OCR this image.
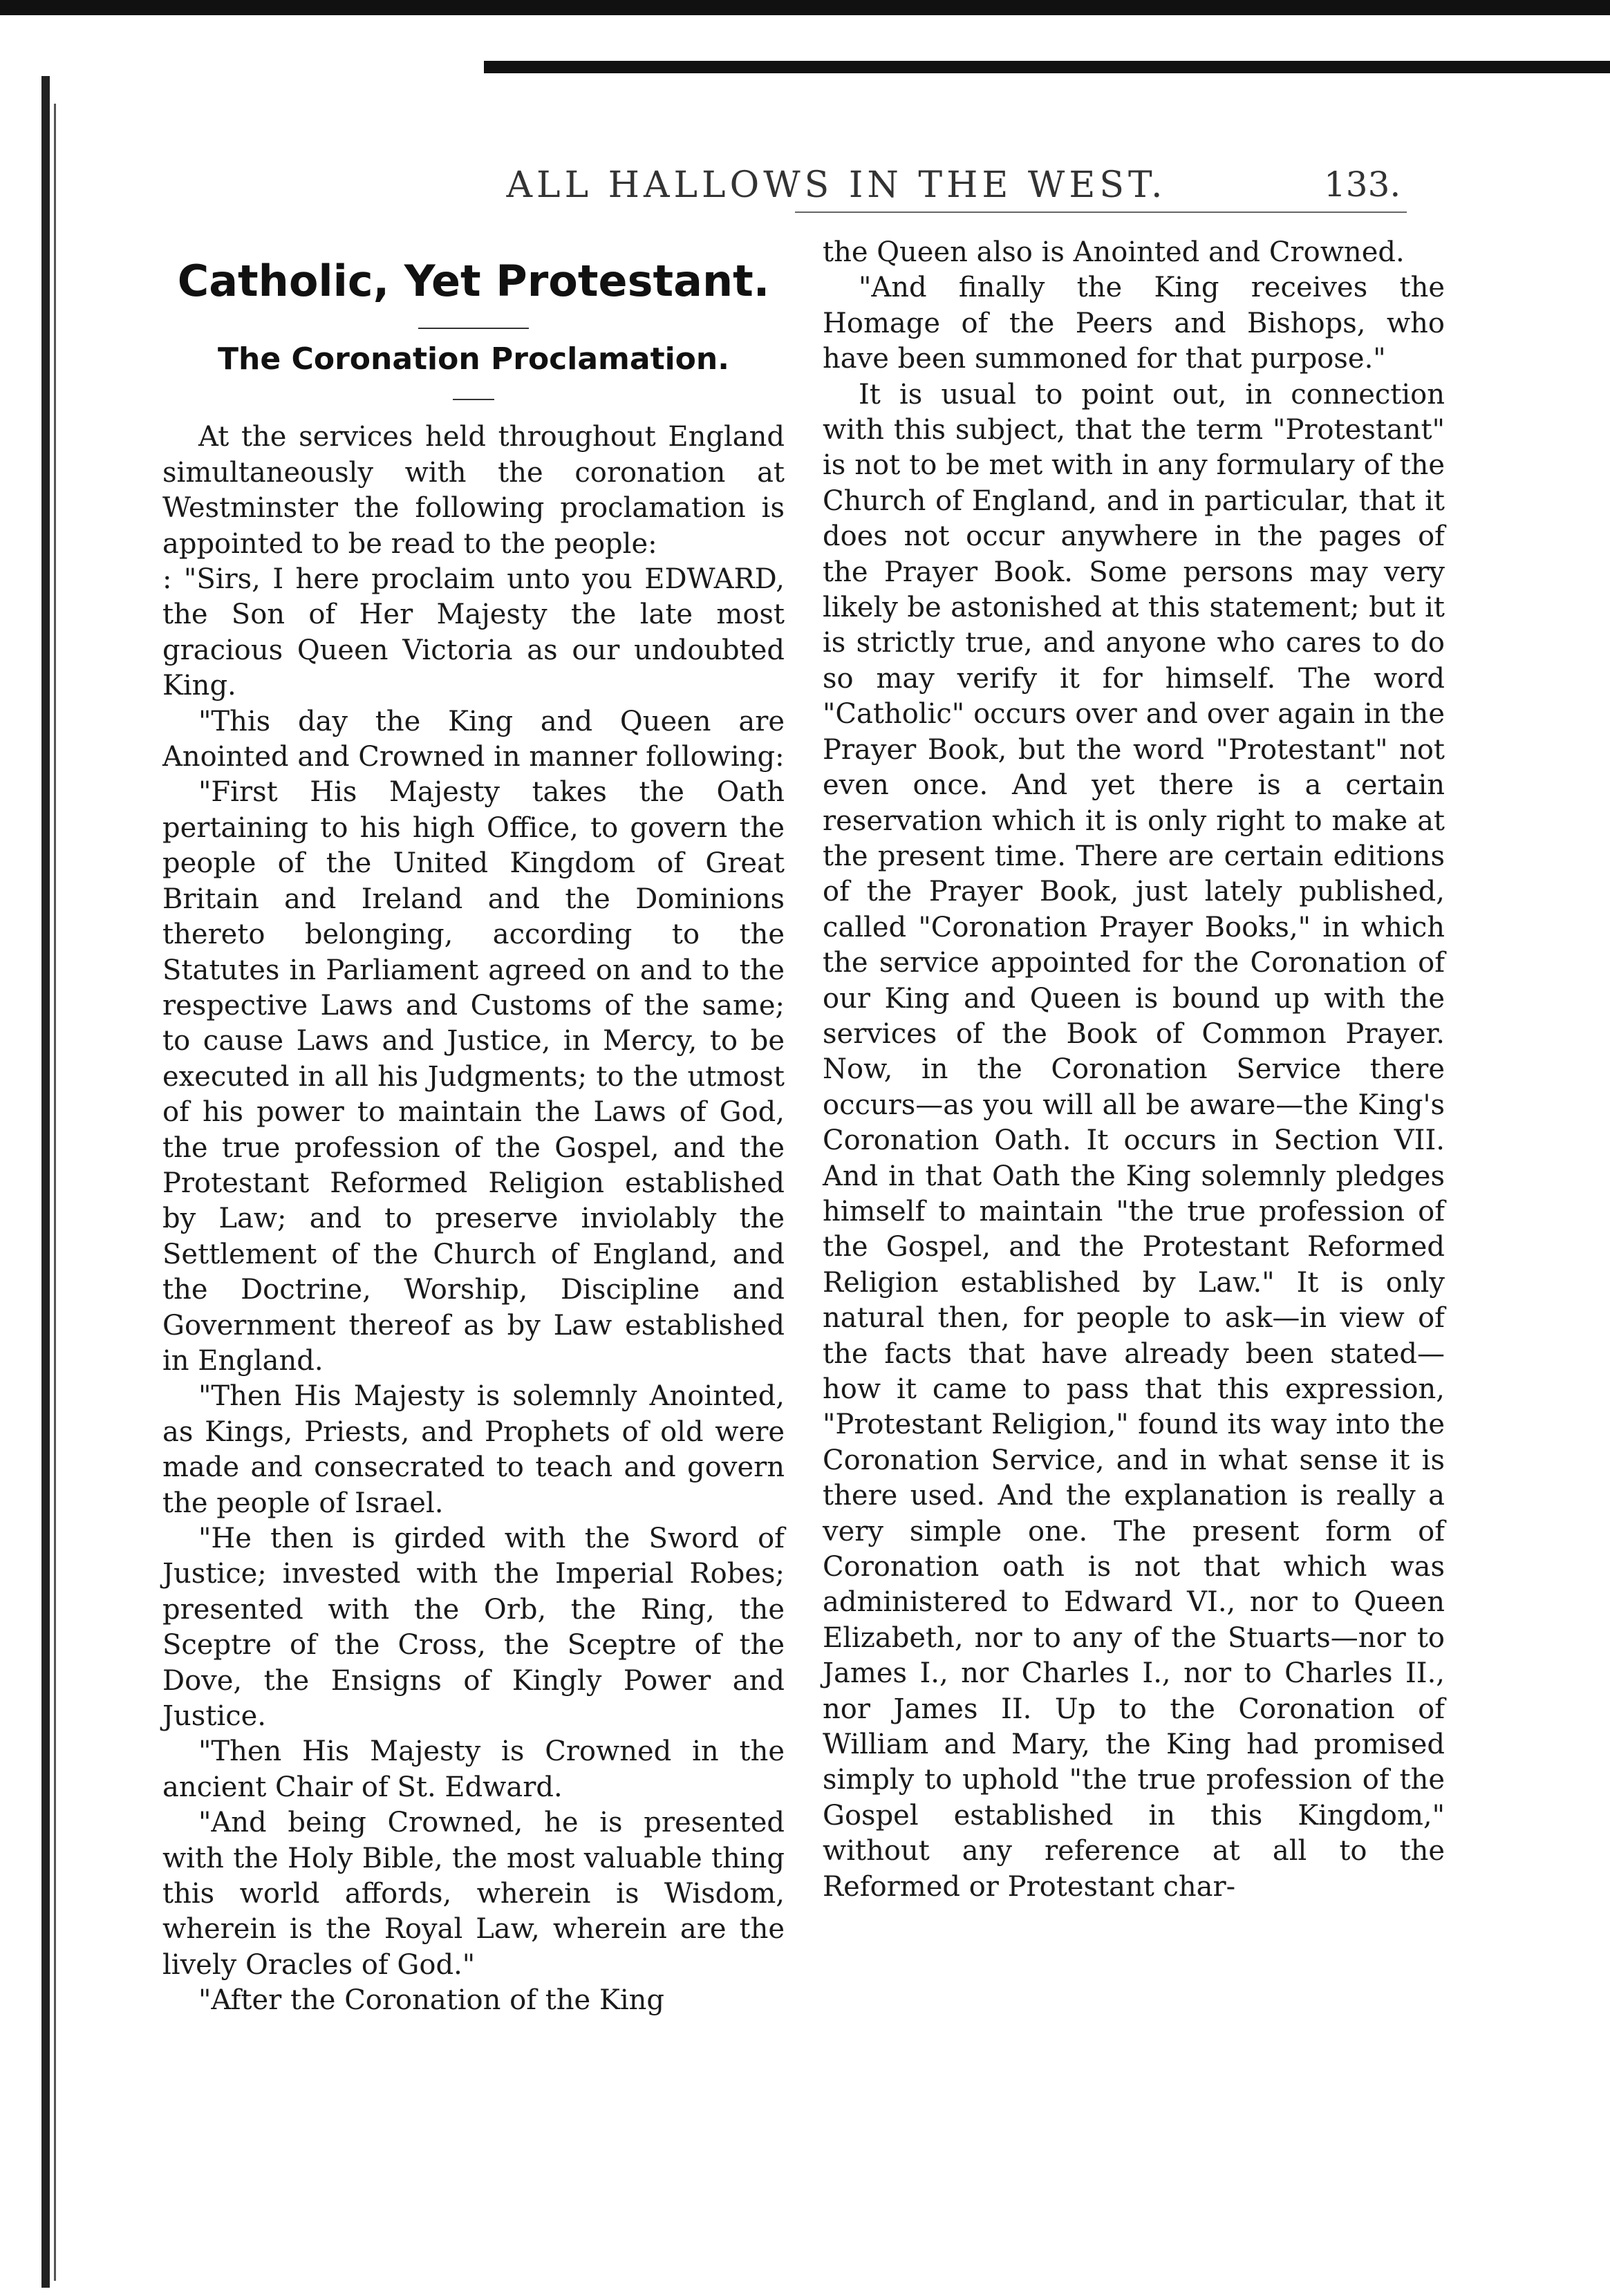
ALL HALLOWS IN THE WEST.	133.
Catholic, Yet Protestant.
The Coronation Proclamation.

At the services held throughout England simultaneously with the coronation at Westminster the following proclamation is appointed to be read to the people:

: "Sirs, I here proclaim unto you EDWARD, the Son of Her Majesty the late most gracious Queen Victoria as our undoubted King.

"This day the King and Queen are Anointed and Crowned in manner following:

"First His Majesty takes the Oath pertaining to his high Office, to govern the people of the United Kingdom of Great Britain and Ireland and the Dominions thereto belonging, according to the Statutes in Parliament agreed on and to the respective Laws and Customs of the same; to cause Laws and Justice, in Mercy, to be executed in all his Judgments; to the utmost of his power to maintain the Laws of God, the true profession of the Gospel, and the Protestant Reformed Religion established by Law; and to preserve inviolably the Settlement of the Church of England, and the Doctrine, Worship, Discipline and Government thereof as by Law established in England.

"Then His Majesty is solemnly Anointed, as Kings, Priests, and Prophets of old were made and consecrated to teach and govern the people of Israel.

"He then is girded with the Sword of Justice; invested with the Imperial Robes; presented with the Orb, the Ring, the Sceptre of the Cross, the Sceptre of the Dove, the Ensigns of Kingly Power and Justice.

"Then His Majesty is Crowned in the ancient Chair of St. Edward.

"And being Crowned, he is presented with the Holy Bible, the most valuable thing this world affords, wherein is Wisdom, wherein is the Royal Law, wherein are the lively Oracles of God."

"After the Coronation of the King

the Queen also is Anointed and Crowned.

"And finally the King receives the Homage of the Peers and Bishops, who have been summoned for that purpose."

It is usual to point out, in connection with this subject, that the term "Protestant" is not to be met with in any formulary of the Church of England, and in particular, that it does not occur anywhere in the pages of the Prayer Book. Some persons may very likely be astonished at this statement; but it is strictly true, and anyone who cares to do so may verify it for himself. The word "Catholic" occurs over and over again in the Prayer Book, but the word "Protestant" not even once. And yet there is a certain reservation which it is only right to make at the present time. There are certain editions of the Prayer Book, just lately published, called "Coronation Prayer Books," in which the service appointed for the Coronation of our King and Queen is bound up with the services of the Book of Common Prayer. Now, in the Coronation Service there occurs—as you will all be aware—the King's Coronation Oath. It occurs in Section VII. And in that Oath the King solemnly pledges himself to maintain "the true profession of the Gospel, and the Protestant Reformed Religion established by Law." It is only natural then, for people to ask—in view of the facts that have already been stated—how it came to pass that this expression, "Protestant Religion," found its way into the Coronation Service, and in what sense it is there used. And the explanation is really a very simple one. The present form of Coronation oath is not that which was administered to Edward VI., nor to Queen Elizabeth, nor to any of the Stuarts—nor to James I., nor Charles I., nor to Charles II., nor James II. Up to the Coronation of William and Mary, the King had promised simply to uphold "the true profession of the Gospel established in this Kingdom," without any reference at all to the Reformed or Protestant char-
